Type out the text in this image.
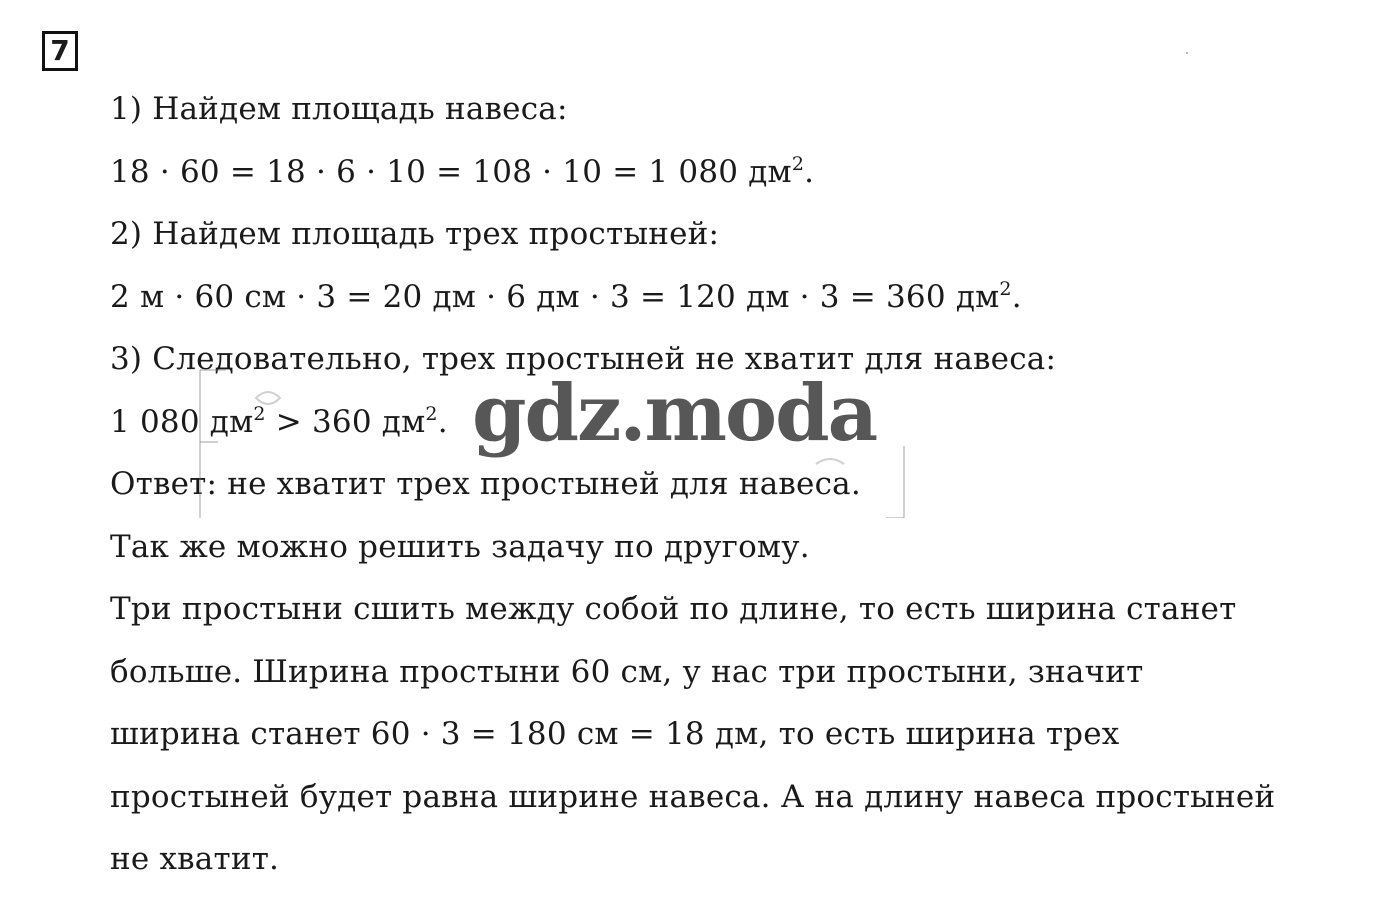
7
1) Найдем площадь навеса:
18 · 60 = 18 · 6 · 10 = 108 · 10 = 1 080 $дм^2$.
2) Найдем площадь трех простыней:
2 м · 60 см · 3 = 20 дм · 6 дм · 3 = 120 дм · 3 = 360 $дм^2$.
3) Следовательно, трех простыней не хватит для навеса:
1 080 $дм^2 > 360$ $дм^2$.
Ответ: не хватит трех простыней для навеса.
Так же можно решить задачу по другому.
Три простыни сшить между собой по длине, то есть ширина станет
больше. Ширина простыни 60 см, у нас три простыни, значит
ширина станет 60 · 3 = 180 см = 18 дм, то есть ширина трех
простыней будет равна ширине навеса. А на длину навеса простыней
не хватит.
gdz.moda
